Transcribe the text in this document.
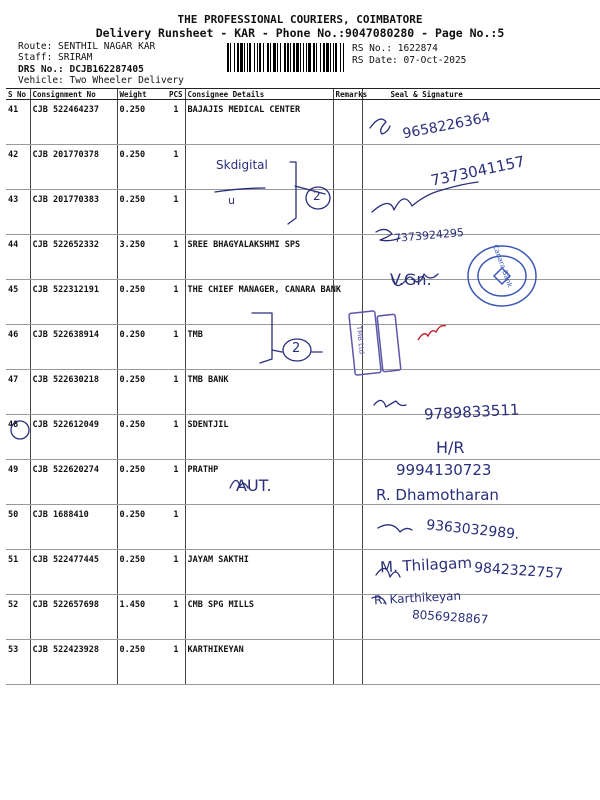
THE PROFESSIONAL COURIERS, COIMBATORE
Delivery Runsheet - KAR - Phone No.:9047080280 - Page No.:5
Route: SENTHIL NAGAR KAR
Staff: SRIRAM
DRS No.: DCJB162287405
Vehicle: Two Wheeler Delivery
RS No.: 1622874
RS Date: 07-Oct-2025
S No	Consignment No	Weight	PCS	Consignee Details	Remarks	Seal & Signature
41	CJB 522464237	0.250	1	BAJAJIS MEDICAL CENTER		
42	CJB 201770378	0.250	1			
43	CJB 201770383	0.250	1			
44	CJB 522652332	3.250	1	SREE BHAGYALAKSHMI SPS		
45	CJB 522312191	0.250	1	THE CHIEF MANAGER, CANARA BANK		
46	CJB 522638914	0.250	1	TMB		
47	CJB 522630218	0.250	1	TMB BANK		
48	CJB 522612049	0.250	1	SDENTJIL		
49	CJB 522620274	0.250	1	PRATHP		
50	CJB 1688410	0.250	1			
51	CJB 522477445	0.250	1	JAYAM SAKTHI		
52	CJB 522657698	1.450	1	CMB SPG MILLS		
53	CJB 522423928	0.250	1	KARTHIKEYAN		
9658226364
Skdigital
u	2
7373041157
7373924295
V.Gn.
2
9789833511
H/R
9994130723
R. Dhamotharan
AUT.
9363032989.
M. Thilagam 9842322757
R. Karthikeyan
8056928867
Canara Bank
TMB Ltd
